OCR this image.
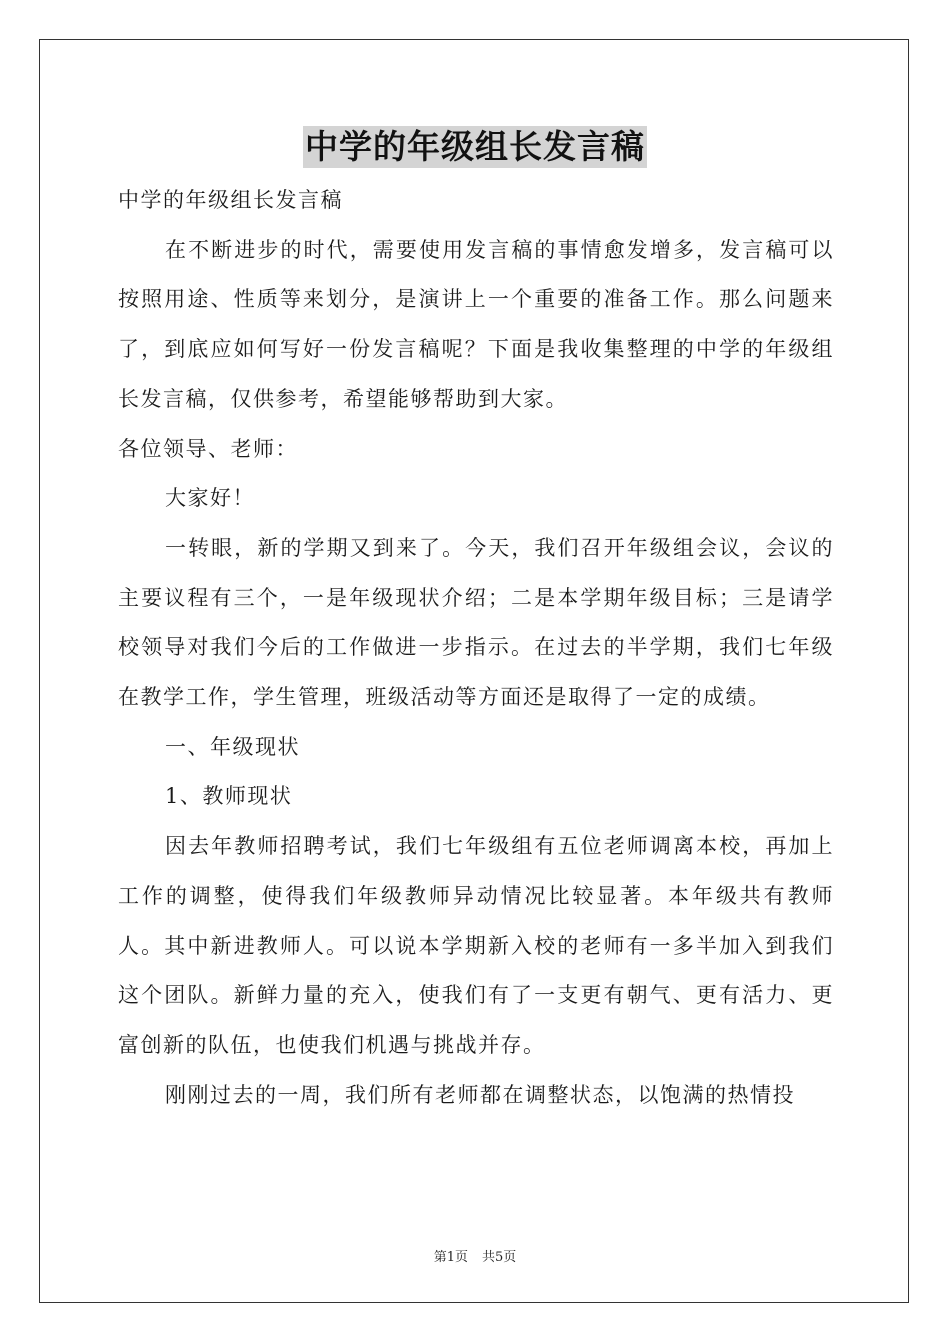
中学的年级组长发言稿

中学的年级组长发言稿

在不断进步的时代，需要使用发言稿的事情愈发增多，发言稿可以按照用途、性质等来划分，是演讲上一个重要的准备工作。那么问题来了，到底应如何写好一份发言稿呢？下面是我收集整理的中学的年级组长发言稿，仅供参考，希望能够帮助到大家。

各位领导、老师：

大家好！

一转眼，新的学期又到来了。今天，我们召开年级组会议，会议的主要议程有三个，一是年级现状介绍；二是本学期年级目标；三是请学校领导对我们今后的工作做进一步指示。在过去的半学期，我们七年级在教学工作，学生管理，班级活动等方面还是取得了一定的成绩。

一、年级现状

1、教师现状

因去年教师招聘考试，我们七年级组有五位老师调离本校，再加上工作的调整，使得我们年级教师异动情况比较显著。本年级共有教师人。其中新进教师人。可以说本学期新入校的老师有一多半加入到我们这个团队。新鲜力量的充入，使我们有了一支更有朝气、更有活力、更富创新的队伍，也使我们机遇与挑战并存。

刚刚过去的一周，我们所有老师都在调整状态，以饱满的热情投

第1页 共5页
